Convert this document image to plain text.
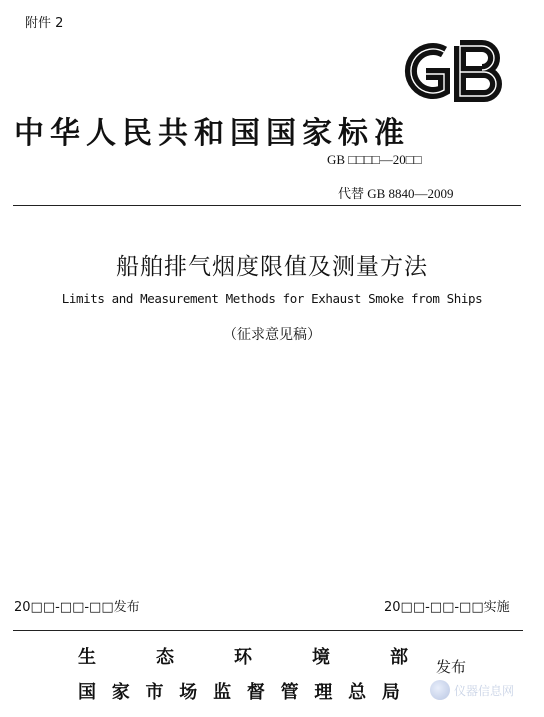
附件 2
中华人民共和国国家标准
GB □□□□—20□□
代替 GB 8840—2009
船舶排气烟度限值及测量方法
Limits and Measurement Methods for Exhaust Smoke from Ships
（征求意见稿）
20□□-□□-□□发布	20□□-□□-□□实施
生	态	环	境	部
国 家 市 场 监 督 管 理 总 局
发布
仪器信息网
